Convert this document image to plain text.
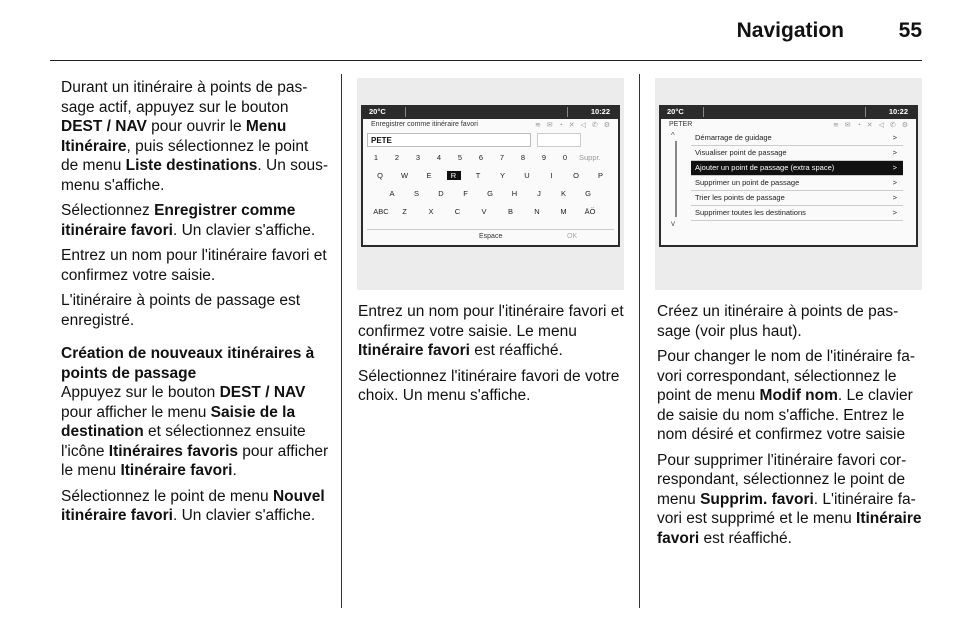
Navigation	55

Durant un itinéraire à points de pas-sage actif, appuyez sur le bouton DEST / NAV pour ouvrir le Menu Itinéraire, puis sélectionnez le point de menu Liste destinations. Un sous-menu s'affiche.

Sélectionnez Enregistrer comme itinéraire favori. Un clavier s'affiche.

Entrez un nom pour l'itinéraire favori et confirmez votre saisie.

L'itinéraire à points de passage est enregistré.

Création de nouveaux itinéraires à points de passage

Appuyez sur le bouton DEST / NAV pour afficher le menu Saisie de la destination et sélectionnez ensuite l'icône Itinéraires favoris pour afficher le menu Itinéraire favori.

Sélectionnez le point de menu Nouvel itinéraire favori. Un clavier s'affiche.

20°C	10:22
Enregistrer comme itinéraire favori	≋ ✉ ◔ ✕ ◁ ✆ ⚙
PETE
1	2	3	4	5	6	7	8	9	0	Suppr.
Q	W	E	R	T	Y	U	I	O	P
A	S	D	F	G	H	J	K	G
ABC	Z	X	C	V	B	N	M	ÄÖ
Espace	OK
20°C	10:22
PETER	≋ ✉ ◔ ✕ ◁ ✆ ⚙
^
v
Démarrage de guidage	>
Visualiser point de passage	>
Ajouter un point de passage (extra space)	>
Supprimer un point de passage	>
Trier les points de passage	>
Supprimer toutes les destinations	>

Entrez un nom pour l'itinéraire favori et confirmez votre saisie. Le menu Itinéraire favori est réaffiché.

Sélectionnez l'itinéraire favori de votre choix. Un menu s'affiche.

Créez un itinéraire à points de pas-sage (voir plus haut).

Pour changer le nom de l'itinéraire fa-vori correspondant, sélectionnez le point de menu Modif nom. Le clavier de saisie du nom s'affiche. Entrez le nom désiré et confirmez votre saisie

Pour supprimer l'itinéraire favori cor-respondant, sélectionnez le point de menu Supprim. favori. L'itinéraire fa-vori est supprimé et le menu Itinéraire favori est réaffiché.
